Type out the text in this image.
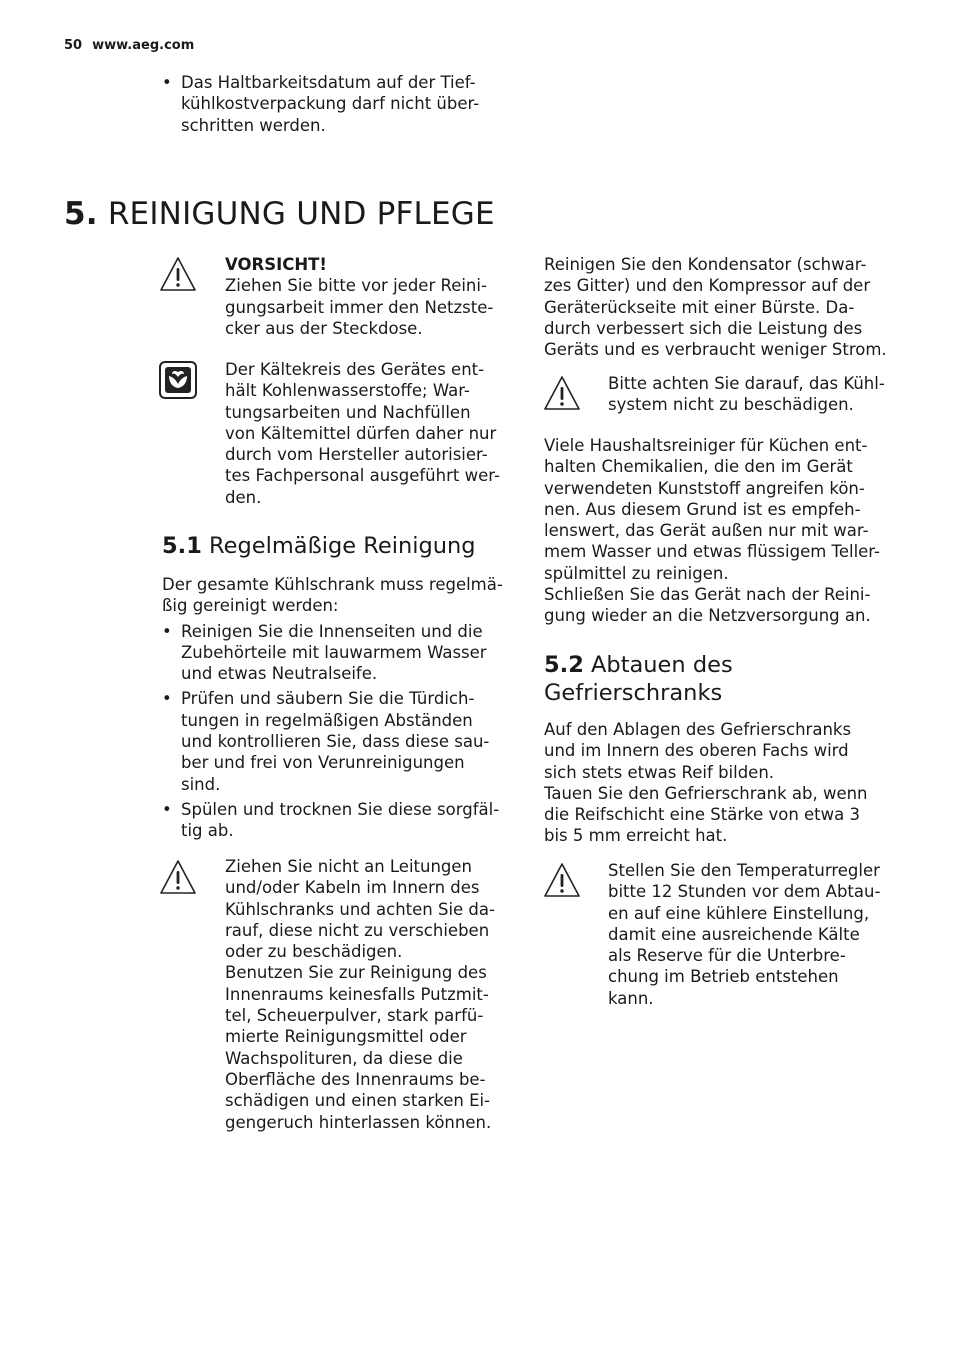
50 www.aeg.com
• Das Haltbarkeitsdatum auf der Tief-
kühlkostverpackung darf nicht über-
schritten werden.
5. REINIGUNG UND PFLEGE
VORSICHT!
Ziehen Sie bitte vor jeder Reini-
gungsarbeit immer den Netzste-
cker aus der Steckdose.
Der Kältekreis des Gerätes ent-
hält Kohlenwasserstoffe; War-
tungsarbeiten und Nachfüllen
von Kältemittel dürfen daher nur
durch vom Hersteller autorisier-
tes Fachpersonal ausgeführt wer-
den.
5.1 Regelmäßige Reinigung
Der gesamte Kühlschrank muss regelmä-
ßig gereinigt werden:
• Reinigen Sie die Innenseiten und die
Zubehörteile mit lauwarmem Wasser
und etwas Neutralseife.
• Prüfen und säubern Sie die Türdich-
tungen in regelmäßigen Abständen
und kontrollieren Sie, dass diese sau-
ber und frei von Verunreinigungen
sind.
• Spülen und trocknen Sie diese sorgfäl-
tig ab.
Ziehen Sie nicht an Leitungen
und/oder Kabeln im Innern des
Kühlschranks und achten Sie da-
rauf, diese nicht zu verschieben
oder zu beschädigen.
Benutzen Sie zur Reinigung des
Innenraums keinesfalls Putzmit-
tel, Scheuerpulver, stark parfü-
mierte Reinigungsmittel oder
Wachspolituren, da diese die
Oberfläche des Innenraums be-
schädigen und einen starken Ei-
gengeruch hinterlassen können.
Reinigen Sie den Kondensator (schwar-
zes Gitter) und den Kompressor auf der
Geräterückseite mit einer Bürste. Da-
durch verbessert sich die Leistung des
Geräts und es verbraucht weniger Strom.
Bitte achten Sie darauf, das Kühl-
system nicht zu beschädigen.
Viele Haushaltsreiniger für Küchen ent-
halten Chemikalien, die den im Gerät
verwendeten Kunststoff angreifen kön-
nen. Aus diesem Grund ist es empfeh-
lenswert, das Gerät außen nur mit war-
mem Wasser und etwas flüssigem Teller-
spülmittel zu reinigen.
Schließen Sie das Gerät nach der Reini-
gung wieder an die Netzversorgung an.
5.2 Abtauen des
Gefrierschranks
Auf den Ablagen des Gefrierschranks
und im Innern des oberen Fachs wird
sich stets etwas Reif bilden.
Tauen Sie den Gefrierschrank ab, wenn
die Reifschicht eine Stärke von etwa 3
bis 5 mm erreicht hat.
Stellen Sie den Temperaturregler
bitte 12 Stunden vor dem Abtau-
en auf eine kühlere Einstellung,
damit eine ausreichende Kälte
als Reserve für die Unterbre-
chung im Betrieb entstehen
kann.
